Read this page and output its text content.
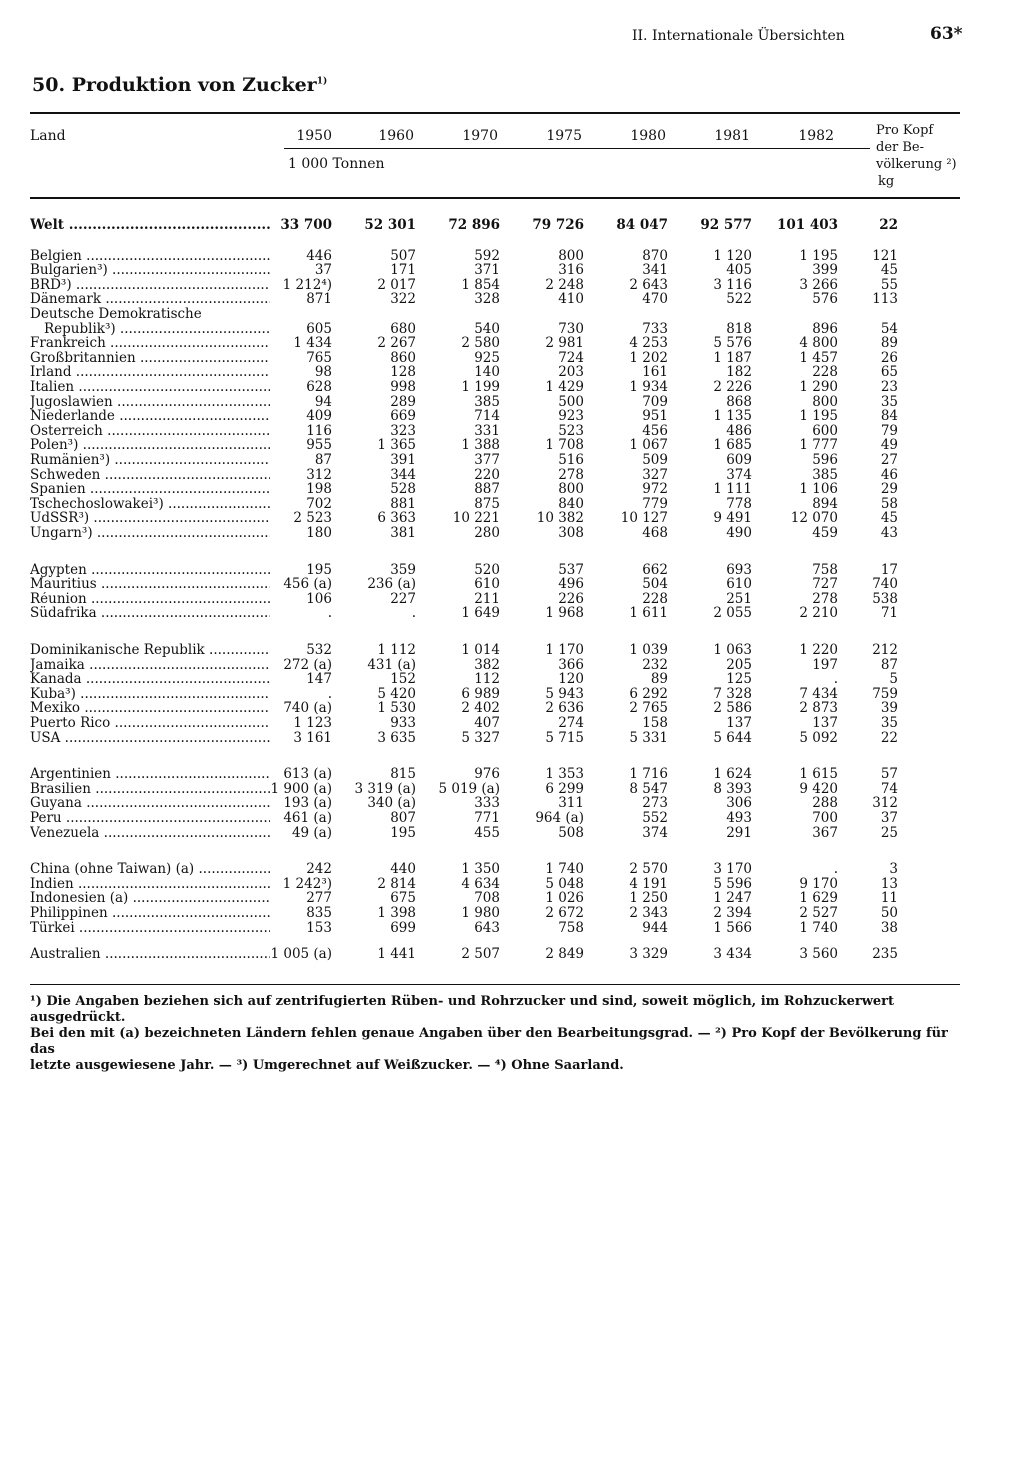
II. Internationale Übersichten	63*
50. Produktion von Zucker$^{1)}$
Land	1950	1960	1970	1975	1980	1981	1982
1 000 Tonnen
Pro Kopf
der Be-
völkerung ²)
kg
Welt .....	33 700	52 301	72 896	79 726	84 047	92 577	101 403	22
Belgien .....	446	507	592	800	870	1 120	1 195	121
Bulgarien³) .....	37	171	371	316	341	405	399	45
BRD³) .....	1 212⁴)	2 017	1 854	2 248	2 643	3 116	3 266	55
Dänemark .....	871	322	328	410	470	522	576	113
Deutsche Demokratische
Republik³) .....	605	680	540	730	733	818	896	54
Frankreich .....	1 434	2 267	2 580	2 981	4 253	5 576	4 800	89
Großbritannien .....	765	860	925	724	1 202	1 187	1 457	26
Irland .....	98	128	140	203	161	182	228	65
Italien .....	628	998	1 199	1 429	1 934	2 226	1 290	23
Jugoslawien .....	94	289	385	500	709	868	800	35
Niederlande .....	409	669	714	923	951	1 135	1 195	84
Österreich .....	116	323	331	523	456	486	600	79
Polen³) .....	955	1 365	1 388	1 708	1 067	1 685	1 777	49
Rumänien³) .....	87	391	377	516	509	609	596	27
Schweden .....	312	344	220	278	327	374	385	46
Spanien .....	198	528	887	800	972	1 111	1 106	29
Tschechoslowakei³) .....	702	881	875	840	779	778	894	58
UdSSR³) .....	2 523	6 363	10 221	10 382	10 127	9 491	12 070	45
Ungarn³) .....	180	381	280	308	468	490	459	43
Ägypten .....	195	359	520	537	662	693	758	17
Mauritius .....	456 (a)	236 (a)	610	496	504	610	727	740
Réunion .....	106	227	211	226	228	251	278	538
Südafrika .....	.	.	1 649	1 968	1 611	2 055	2 210	71
Dominikanische Republik .....	532	1 112	1 014	1 170	1 039	1 063	1 220	212
Jamaika .....	272 (a)	431 (a)	382	366	232	205	197	87
Kanada .....	147	152	112	120	89	125	.	5
Kuba³) .....	.	5 420	6 989	5 943	6 292	7 328	7 434	759
Mexiko .....	740 (a)	1 530	2 402	2 636	2 765	2 586	2 873	39
Puerto Rico .....	1 123	933	407	274	158	137	137	35
USA .....	3 161	3 635	5 327	5 715	5 331	5 644	5 092	22
Argentinien .....	613 (a)	815	976	1 353	1 716	1 624	1 615	57
Brasilien .....	1 900 (a)	3 319 (a)	5 019 (a)	6 299	8 547	8 393	9 420	74
Guyana .....	193 (a)	340 (a)	333	311	273	306	288	312
Peru .....	461 (a)	807	771	964 (a)	552	493	700	37
Venezuela .....	49 (a)	195	455	508	374	291	367	25
China (ohne Taiwan) (a) .....	242	440	1 350	1 740	2 570	3 170	.	3
Indien .....	1 242³)	2 814	4 634	5 048	4 191	5 596	9 170	13
Indonesien (a) .....	277	675	708	1 026	1 250	1 247	1 629	11
Philippinen .....	835	1 398	1 980	2 672	2 343	2 394	2 527	50
Türkei .....	153	699	643	758	944	1 566	1 740	38
Australien .....	1 005 (a)	1 441	2 507	2 849	3 329	3 434	3 560	235
¹) Die Angaben beziehen sich auf zentrifugierten Rüben- und Rohrzucker und sind, soweit möglich, im Rohzuckerwert ausgedrückt.
Bei den mit (a) bezeichneten Ländern fehlen genaue Angaben über den Bearbeitungsgrad. — ²) Pro Kopf der Bevölkerung für das
letzte ausgewiesene Jahr. — ³) Umgerechnet auf Weißzucker. — ⁴) Ohne Saarland.
